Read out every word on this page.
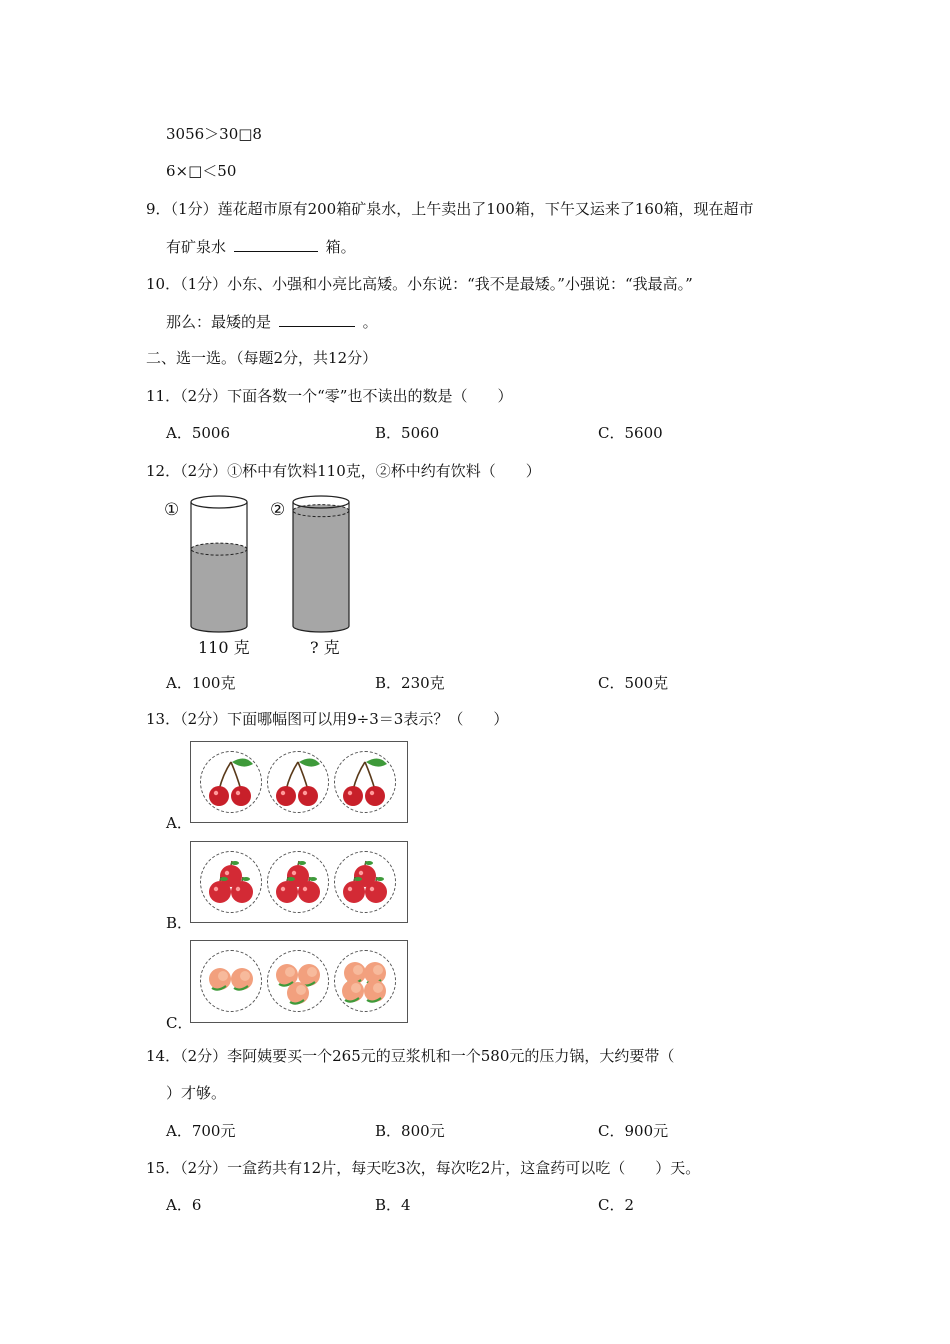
3056＞30□8
6×□＜50
9．（1分）莲花超市原有200箱矿泉水，上午卖出了100箱，下午又运来了160箱，现在超市
有矿泉水	箱。
10．（1分）小东、小强和小亮比高矮。小东说：“我不是最矮。”小强说：“我最高。”
那么：最矮的是	。
二、选一选。（每题2分，共12分）
11．（2分）下面各数一个“零”也不读出的数是（　　）
A．5006	B．5060	C．5600
12．（2分）①杯中有饮料110克，②杯中约有饮料（　　）
①	②
110 克	? 克
A．100克	B．230克	C．500克
13．（2分）下面哪幅图可以用9÷3＝3表示？（　　）
A．
B．
C．
14．（2分）李阿姨要买一个265元的豆浆机和一个580元的压力锅，大约要带（
）才够。
A．700元	B．800元	C．900元
15．（2分）一盒药共有12片，每天吃3次，每次吃2片，这盒药可以吃（　　）天。
A．6	B．4	C．2
